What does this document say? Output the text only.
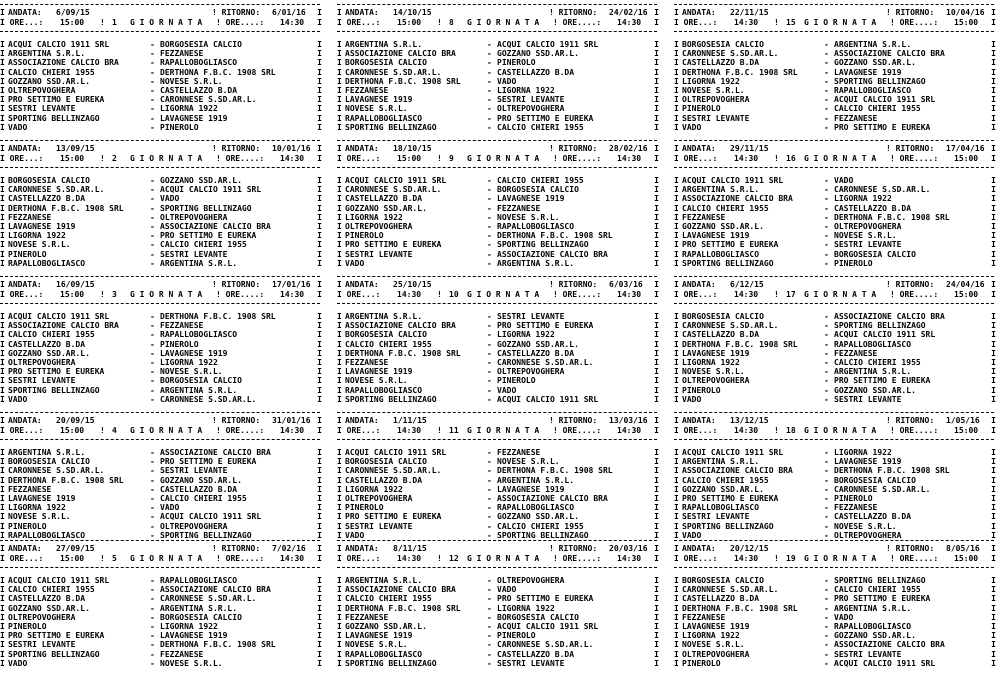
I ANDATA: 6/09/15	! RITORNO: 6/01/16 I
I ORE...: 15:00 ! 1 G I O R N A T A ! ORE....: 14:30 I
I ACQUI CALCIO 1911 SRL	- BORGOSESIA CALCIO	I
I ARGENTINA S.R.L.	- FEZZANESE	I
I ASSOCIAZIONE CALCIO BRA	- RAPALLOBOGLIASCO	I
I CALCIO CHIERI 1955	- DERTHONA F.B.C. 1908 SRL	I
I GOZZANO SSD.AR.L.	- NOVESE S.R.L.	I
I OLTREPOVOGHERA	- CASTELLAZZO B.DA	I
I PRO SETTIMO E EUREKA	- CARONNESE S.SD.AR.L.	I
I SESTRI LEVANTE	- LIGORNA 1922	I
I SPORTING BELLINZAGO	- LAVAGNESE 1919	I
I VADO	- PINEROLO	I
I ANDATA: 13/09/15	! RITORNO: 10/01/16 I
I ORE...: 15:00 ! 2 G I O R N A T A ! ORE....: 14:30 I
I BORGOSESIA CALCIO	- GOZZANO SSD.AR.L.	I
I CARONNESE S.SD.AR.L.	- ACQUI CALCIO 1911 SRL	I
I CASTELLAZZO B.DA	- VADO	I
I DERTHONA F.B.C. 1908 SRL	- SPORTING BELLINZAGO	I
I FEZZANESE	- OLTREPOVOGHERA	I
I LAVAGNESE 1919	- ASSOCIAZIONE CALCIO BRA	I
I LIGORNA 1922	- PRO SETTIMO E EUREKA	I
I NOVESE S.R.L.	- CALCIO CHIERI 1955	I
I PINEROLO	- SESTRI LEVANTE	I
I RAPALLOBOGLIASCO	- ARGENTINA S.R.L.	I
I ANDATA: 16/09/15	! RITORNO: 17/01/16 I
I ORE...: 15:00 ! 3 G I O R N A T A ! ORE....: 14:30 I
I ACQUI CALCIO 1911 SRL	- DERTHONA F.B.C. 1908 SRL	I
I ASSOCIAZIONE CALCIO BRA	- FEZZANESE	I
I CALCIO CHIERI 1955	- RAPALLOBOGLIASCO	I
I CASTELLAZZO B.DA	- PINEROLO	I
I GOZZANO SSD.AR.L.	- LAVAGNESE 1919	I
I OLTREPOVOGHERA	- LIGORNA 1922	I
I PRO SETTIMO E EUREKA	- NOVESE S.R.L.	I
I SESTRI LEVANTE	- BORGOSESIA CALCIO	I
I SPORTING BELLINZAGO	- ARGENTINA S.R.L.	I
I VADO	- CARONNESE S.SD.AR.L.	I
I ANDATA: 20/09/15	! RITORNO: 31/01/16 I
I ORE...: 15:00 ! 4 G I O R N A T A ! ORE....: 14:30 I
I ARGENTINA S.R.L.	- ASSOCIAZIONE CALCIO BRA	I
I BORGOSESIA CALCIO	- PRO SETTIMO E EUREKA	I
I CARONNESE S.SD.AR.L.	- SESTRI LEVANTE	I
I DERTHONA F.B.C. 1908 SRL	- GOZZANO SSD.AR.L.	I
I FEZZANESE	- CASTELLAZZO B.DA	I
I LAVAGNESE 1919	- CALCIO CHIERI 1955	I
I LIGORNA 1922	- VADO	I
I NOVESE S.R.L.	- ACQUI CALCIO 1911 SRL	I
I PINEROLO	- OLTREPOVOGHERA	I
I RAPALLOBOGLIASCO	- SPORTING BELLINZAGO	I
I ANDATA: 27/09/15	! RITORNO: 7/02/16 I
I ORE...: 15:00 ! 5 G I O R N A T A ! ORE....: 14:30 I
I ACQUI CALCIO 1911 SRL	- RAPALLOBOGLIASCO	I
I CALCIO CHIERI 1955	- ASSOCIAZIONE CALCIO BRA	I
I CASTELLAZZO B.DA	- CARONNESE S.SD.AR.L.	I
I GOZZANO SSD.AR.L.	- ARGENTINA S.R.L.	I
I OLTREPOVOGHERA	- BORGOSESIA CALCIO	I
I PINEROLO	- LIGORNA 1922	I
I PRO SETTIMO E EUREKA	- LAVAGNESE 1919	I
I SESTRI LEVANTE	- DERTHONA F.B.C. 1908 SRL	I
I SPORTING BELLINZAGO	- FEZZANESE	I
I VADO	- NOVESE S.R.L.	I
I ANDATA: 14/10/15	! RITORNO: 24/02/16 I
I ORE...: 15:00 ! 8 G I O R N A T A ! ORE....: 14:30 I
I ARGENTINA S.R.L.	- ACQUI CALCIO 1911 SRL	I
I ASSOCIAZIONE CALCIO BRA	- GOZZANO SSD.AR.L.	I
I BORGOSESIA CALCIO	- PINEROLO	I
I CARONNESE S.SD.AR.L.	- CASTELLAZZO B.DA	I
I DERTHONA F.B.C. 1908 SRL	- VADO	I
I FEZZANESE	- LIGORNA 1922	I
I LAVAGNESE 1919	- SESTRI LEVANTE	I
I NOVESE S.R.L.	- OLTREPOVOGHERA	I
I RAPALLOBOGLIASCO	- PRO SETTIMO E EUREKA	I
I SPORTING BELLINZAGO	- CALCIO CHIERI 1955	I
I ANDATA: 18/10/15	! RITORNO: 28/02/16 I
I ORE...: 15:00 ! 9 G I O R N A T A ! ORE....: 14:30 I
I ACQUI CALCIO 1911 SRL	- CALCIO CHIERI 1955	I
I CARONNESE S.SD.AR.L.	- BORGOSESIA CALCIO	I
I CASTELLAZZO B.DA	- LAVAGNESE 1919	I
I GOZZANO SSD.AR.L.	- FEZZANESE	I
I LIGORNA 1922	- NOVESE S.R.L.	I
I OLTREPOVOGHERA	- RAPALLOBOGLIASCO	I
I PINEROLO	- DERTHONA F.B.C. 1908 SRL	I
I PRO SETTIMO E EUREKA	- SPORTING BELLINZAGO	I
I SESTRI LEVANTE	- ASSOCIAZIONE CALCIO BRA	I
I VADO	- ARGENTINA S.R.L.	I
I ANDATA: 25/10/15	! RITORNO: 6/03/16 I
I ORE...: 14:30 ! 10 G I O R N A T A ! ORE....: 14:30 I
I ARGENTINA S.R.L.	- SESTRI LEVANTE	I
I ASSOCIAZIONE CALCIO BRA	- PRO SETTIMO E EUREKA	I
I BORGOSESIA CALCIO	- LIGORNA 1922	I
I CALCIO CHIERI 1955	- GOZZANO SSD.AR.L.	I
I DERTHONA F.B.C. 1908 SRL	- CASTELLAZZO B.DA	I
I FEZZANESE	- CARONNESE S.SD.AR.L.	I
I LAVAGNESE 1919	- OLTREPOVOGHERA	I
I NOVESE S.R.L.	- PINEROLO	I
I RAPALLOBOGLIASCO	- VADO	I
I SPORTING BELLINZAGO	- ACQUI CALCIO 1911 SRL	I
I ANDATA: 1/11/15	! RITORNO: 13/03/16 I
I ORE...: 14:30 ! 11 G I O R N A T A ! ORE....: 14:30 I
I ACQUI CALCIO 1911 SRL	- FEZZANESE	I
I BORGOSESIA CALCIO	- NOVESE S.R.L.	I
I CARONNESE S.SD.AR.L.	- DERTHONA F.B.C. 1908 SRL	I
I CASTELLAZZO B.DA	- ARGENTINA S.R.L.	I
I LIGORNA 1922	- LAVAGNESE 1919	I
I OLTREPOVOGHERA	- ASSOCIAZIONE CALCIO BRA	I
I PINEROLO	- RAPALLOBOGLIASCO	I
I PRO SETTIMO E EUREKA	- GOZZANO SSD.AR.L.	I
I SESTRI LEVANTE	- CALCIO CHIERI 1955	I
I VADO	- SPORTING BELLINZAGO	I
I ANDATA: 8/11/15	! RITORNO: 20/03/16 I
I ORE...: 14:30 ! 12 G I O R N A T A ! ORE....: 14:30 I
I ARGENTINA S.R.L.	- OLTREPOVOGHERA	I
I ASSOCIAZIONE CALCIO BRA	- VADO	I
I CALCIO CHIERI 1955	- PRO SETTIMO E EUREKA	I
I DERTHONA F.B.C. 1908 SRL	- LIGORNA 1922	I
I FEZZANESE	- BORGOSESIA CALCIO	I
I GOZZANO SSD.AR.L.	- ACQUI CALCIO 1911 SRL	I
I LAVAGNESE 1919	- PINEROLO	I
I NOVESE S.R.L.	- CARONNESE S.SD.AR.L.	I
I RAPALLOBOGLIASCO	- CASTELLAZZO B.DA	I
I SPORTING BELLINZAGO	- SESTRI LEVANTE	I
I ANDATA: 22/11/15	! RITORNO: 10/04/16 I
I ORE...: 14:30 ! 15 G I O R N A T A ! ORE....: 15:00 I
I BORGOSESIA CALCIO	- ARGENTINA S.R.L.	I
I CARONNESE S.SD.AR.L.	- ASSOCIAZIONE CALCIO BRA	I
I CASTELLAZZO B.DA	- GOZZANO SSD.AR.L.	I
I DERTHONA F.B.C. 1908 SRL	- LAVAGNESE 1919	I
I LIGORNA 1922	- SPORTING BELLINZAGO	I
I NOVESE S.R.L.	- RAPALLOBOGLIASCO	I
I OLTREPOVOGHERA	- ACQUI CALCIO 1911 SRL	I
I PINEROLO	- CALCIO CHIERI 1955	I
I SESTRI LEVANTE	- FEZZANESE	I
I VADO	- PRO SETTIMO E EUREKA	I
I ANDATA: 29/11/15	! RITORNO: 17/04/16 I
I ORE...: 14:30 ! 16 G I O R N A T A ! ORE....: 15:00 I
I ACQUI CALCIO 1911 SRL	- VADO	I
I ARGENTINA S.R.L.	- CARONNESE S.SD.AR.L.	I
I ASSOCIAZIONE CALCIO BRA	- LIGORNA 1922	I
I CALCIO CHIERI 1955	- CASTELLAZZO B.DA	I
I FEZZANESE	- DERTHONA F.B.C. 1908 SRL	I
I GOZZANO SSD.AR.L.	- OLTREPOVOGHERA	I
I LAVAGNESE 1919	- NOVESE S.R.L.	I
I PRO SETTIMO E EUREKA	- SESTRI LEVANTE	I
I RAPALLOBOGLIASCO	- BORGOSESIA CALCIO	I
I SPORTING BELLINZAGO	- PINEROLO	I
I ANDATA: 6/12/15	! RITORNO: 24/04/16 I
I ORE...: 14:30 ! 17 G I O R N A T A ! ORE....: 15:00 I
I BORGOSESIA CALCIO	- ASSOCIAZIONE CALCIO BRA	I
I CARONNESE S.SD.AR.L.	- SPORTING BELLINZAGO	I
I CASTELLAZZO B.DA	- ACQUI CALCIO 1911 SRL	I
I DERTHONA F.B.C. 1908 SRL	- RAPALLOBOGLIASCO	I
I LAVAGNESE 1919	- FEZZANESE	I
I LIGORNA 1922	- CALCIO CHIERI 1955	I
I NOVESE S.R.L.	- ARGENTINA S.R.L.	I
I OLTREPOVOGHERA	- PRO SETTIMO E EUREKA	I
I PINEROLO	- GOZZANO SSD.AR.L.	I
I VADO	- SESTRI LEVANTE	I
I ANDATA: 13/12/15	! RITORNO: 1/05/16 I
I ORE...: 14:30 ! 18 G I O R N A T A ! ORE....: 15:00 I
I ACQUI CALCIO 1911 SRL	- LIGORNA 1922	I
I ARGENTINA S.R.L.	- LAVAGNESE 1919	I
I ASSOCIAZIONE CALCIO BRA	- DERTHONA F.B.C. 1908 SRL	I
I CALCIO CHIERI 1955	- BORGOSESIA CALCIO	I
I GOZZANO SSD.AR.L.	- CARONNESE S.SD.AR.L.	I
I PRO SETTIMO E EUREKA	- PINEROLO	I
I RAPALLOBOGLIASCO	- FEZZANESE	I
I SESTRI LEVANTE	- CASTELLAZZO B.DA	I
I SPORTING BELLINZAGO	- NOVESE S.R.L.	I
I VADO	- OLTREPOVOGHERA	I
I ANDATA: 20/12/15	! RITORNO: 8/05/16 I
I ORE...: 14:30 ! 19 G I O R N A T A ! ORE....: 15:00 I
I BORGOSESIA CALCIO	- SPORTING BELLINZAGO	I
I CARONNESE S.SD.AR.L.	- CALCIO CHIERI 1955	I
I CASTELLAZZO B.DA	- PRO SETTIMO E EUREKA	I
I DERTHONA F.B.C. 1908 SRL	- ARGENTINA S.R.L.	I
I FEZZANESE	- VADO	I
I LAVAGNESE 1919	- RAPALLOBOGLIASCO	I
I LIGORNA 1922	- GOZZANO SSD.AR.L.	I
I NOVESE S.R.L.	- ASSOCIAZIONE CALCIO BRA	I
I OLTREPOVOGHERA	- SESTRI LEVANTE	I
I PINEROLO	- ACQUI CALCIO 1911 SRL	I
